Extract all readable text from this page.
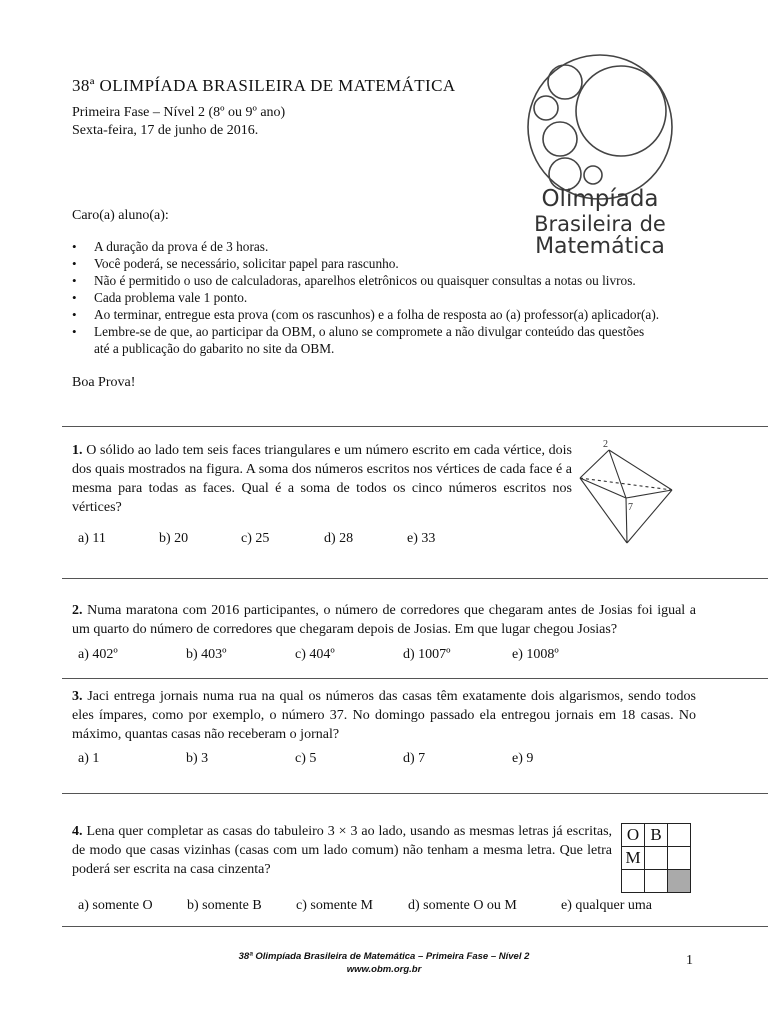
38ª OLIMPÍADA BRASILEIRA DE MATEMÁTICA
Primeira Fase – Nível 2 (8º ou 9º ano)
Sexta-feira, 17 de junho de 2016.
Olimpíada
Brasileira de
Matemática
Caro(a) aluno(a):
• A duração da prova é de 3 horas.
• Você poderá, se necessário, solicitar papel para rascunho.
• Não é permitido o uso de calculadoras, aparelhos eletrônicos ou quaisquer consultas a notas ou livros.
• Cada problema vale 1 ponto.
• Ao terminar, entregue esta prova (com os rascunhos) e a folha de resposta ao (a) professor(a) aplicador(a).
• Lembre-se de que, ao participar da OBM, o aluno se compromete a não divulgar conteúdo das questões até a publicação do gabarito no site da OBM.
Boa Prova!
1. O sólido ao lado tem seis faces triangulares e um número escrito em cada vértice, dois dos quais mostrados na figura. A soma dos números escritos nos vértices de cada face é a mesma para todas as faces. Qual é a soma de todos os cinco números escritos nos vértices?
2
7
a) 11	b) 20	c) 25	d) 28	e) 33
2. Numa maratona com 2016 participantes, o número de corredores que chegaram antes de Josias foi igual a um quarto do número de corredores que chegaram depois de Josias. Em que lugar chegou Josias?
a) 402º	b) 403º	c) 404º	d) 1007º	e) 1008º
3. Jaci entrega jornais numa rua na qual os números das casas têm exatamente dois algarismos, sendo todos eles ímpares, como por exemplo, o número 37. No domingo passado ela entregou jornais em 18 casas. No máximo, quantas casas não receberam o jornal?
a) 1	b) 3	c) 5	d) 7	e) 9
4. Lena quer completar as casas do tabuleiro 3 × 3 ao lado, usando as mesmas letras já escritas, de modo que casas vizinhas (casas com um lado comum) não tenham a mesma letra. Que letra poderá ser escrita na casa cinzenta?
O	B	
M		

a) somente O b) somente B c) somente M	d) somente O ou M	e) qualquer uma
38ª Olimpíada Brasileira de Matemática – Primeira Fase – Nível 2
www.obm.org.br
1
